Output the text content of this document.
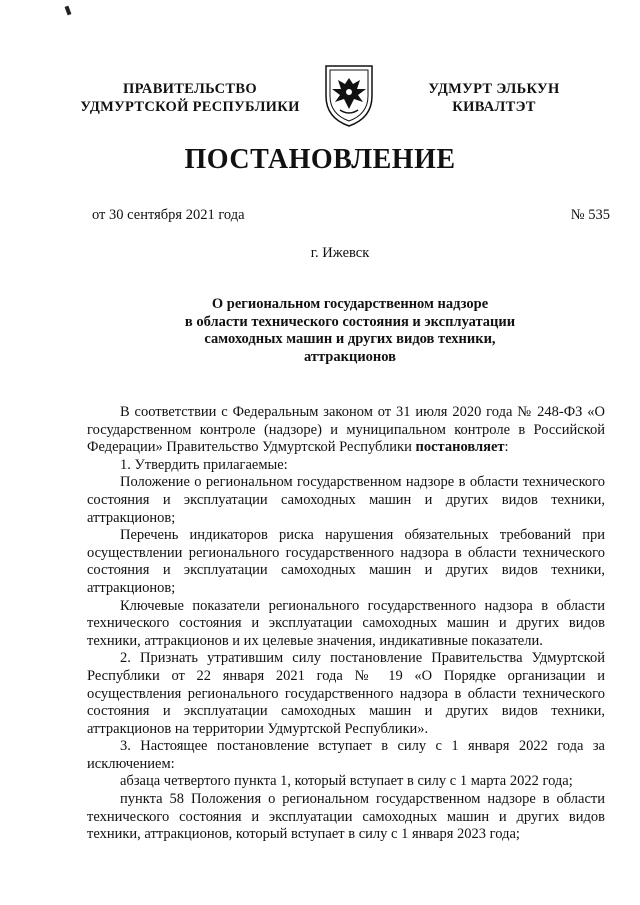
ПРАВИТЕЛЬСТВО
УДМУРТСКОЙ РЕСПУБЛИКИ
УДМУРТ ЭЛЬКУН
КИВАЛТЭТ
ПОСТАНОВЛЕНИЕ
от 30 сентября 2021 года	№ 535
г. Ижевск
О региональном государственном надзоре
в области технического состояния и эксплуатации
самоходных машин и других видов техники,
аттракционов

В соответствии с Федеральным законом от 31 июля 2020 года № 248-ФЗ «О государственном контроле (надзоре) и муниципальном контроле в Российской Федерации» Правительство Удмуртской Республики постановляет:

1. Утвердить прилагаемые:

Положение о региональном государственном надзоре в области технического состояния и эксплуатации самоходных машин и других видов техники, аттракционов;

Перечень индикаторов риска нарушения обязательных требований при осуществлении регионального государственного надзора в области технического состояния и эксплуатации самоходных машин и других видов техники, аттракционов;

Ключевые показатели регионального государственного надзора в области технического состояния и эксплуатации самоходных машин и других видов техники, аттракционов и их целевые значения, индикативные показатели.

2. Признать утратившим силу постановление Правительства Удмуртской Республики от 22 января 2021 года № 19 «О Порядке организации и осуществления регионального государственного надзора в области технического состояния и эксплуатации самоходных машин и других видов техники, аттракционов на территории Удмуртской Республики».

3. Настоящее постановление вступает в силу с 1 января 2022 года за исключением:

абзаца четвертого пункта 1, который вступает в силу с 1 марта 2022 года;

пункта 58 Положения о региональном государственном надзоре в области технического состояния и эксплуатации самоходных машин и других видов техники, аттракционов, который вступает в силу с 1 января 2023 года;
